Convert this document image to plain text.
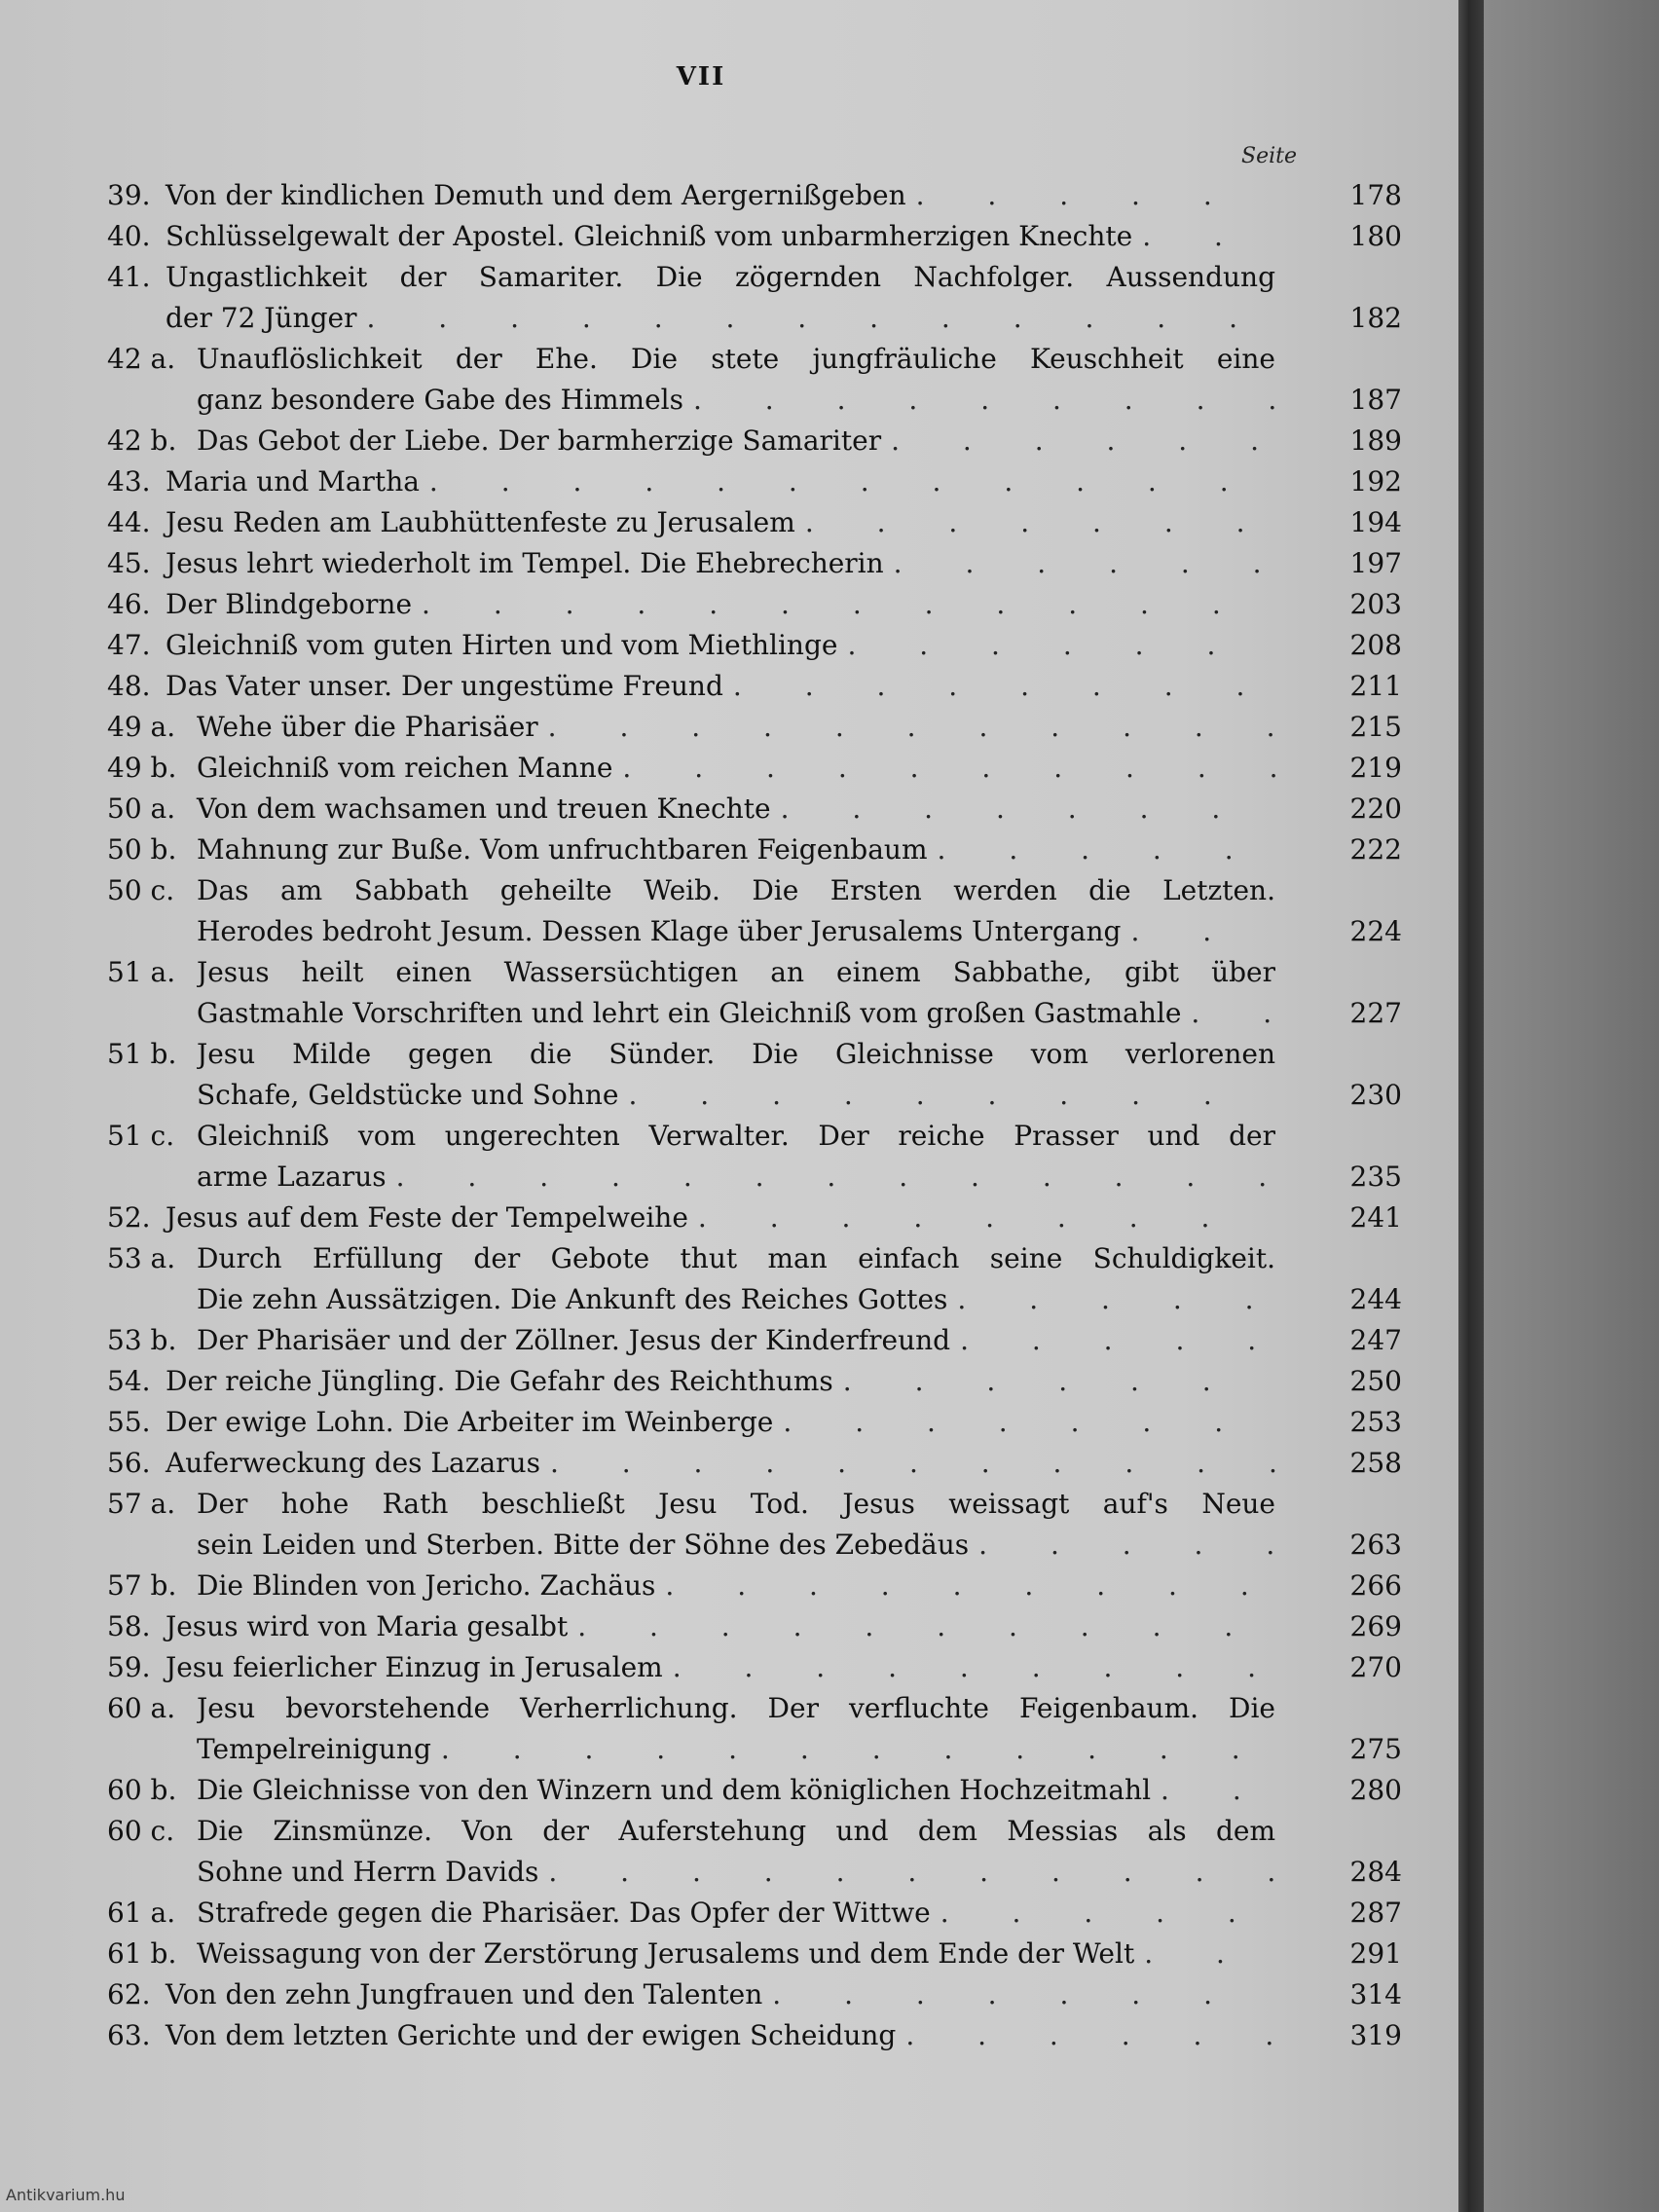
VII
Seite
39. Von der kindlichen Demuth und dem Aergernißgeben . . .	178
40. Schlüsselgewalt der Apostel. Gleichniß vom unbarmherzigen Knechte . . .	180
41. Ungastlichkeit der Samariter. Die zögernden Nachfolger. Aussendung
der 72 Jünger . . .	182
42 a. Unauflöslichkeit der Ehe. Die stete jungfräuliche Keuschheit eine
ganz besondere Gabe des Himmels . . .	187
42 b. Das Gebot der Liebe. Der barmherzige Samariter . . .	189
43. Maria und Martha . . .	192
44. Jesu Reden am Laubhüttenfeste zu Jerusalem . . .	194
45. Jesus lehrt wiederholt im Tempel. Die Ehebrecherin . . .	197
46. Der Blindgeborne . . .	203
47. Gleichniß vom guten Hirten und vom Miethlinge . . .	208
48. Das Vater unser. Der ungestüme Freund . . .	211
49 a. Wehe über die Pharisäer . . .	215
49 b. Gleichniß vom reichen Manne . . .	219
50 a. Von dem wachsamen und treuen Knechte . . .	220
50 b. Mahnung zur Buße. Vom unfruchtbaren Feigenbaum . . .	222
50 c. Das am Sabbath geheilte Weib. Die Ersten werden die Letzten.
Herodes bedroht Jesum. Dessen Klage über Jerusalems Untergang . . .	224
51 a. Jesus heilt einen Wassersüchtigen an einem Sabbathe, gibt über
Gastmahle Vorschriften und lehrt ein Gleichniß vom großen Gastmahle . . .	227
51 b. Jesu Milde gegen die Sünder. Die Gleichnisse vom verlorenen
Schafe, Geldstücke und Sohne . . .	230
51 c. Gleichniß vom ungerechten Verwalter. Der reiche Prasser und der
arme Lazarus . . .	235
52. Jesus auf dem Feste der Tempelweihe . . .	241
53 a. Durch Erfüllung der Gebote thut man einfach seine Schuldigkeit.
Die zehn Aussätzigen. Die Ankunft des Reiches Gottes . . .	244
53 b. Der Pharisäer und der Zöllner. Jesus der Kinderfreund . . .	247
54. Der reiche Jüngling. Die Gefahr des Reichthums . . .	250
55. Der ewige Lohn. Die Arbeiter im Weinberge . . .	253
56. Auferweckung des Lazarus . . .	258
57 a. Der hohe Rath beschließt Jesu Tod. Jesus weissagt auf's Neue
sein Leiden und Sterben. Bitte der Söhne des Zebedäus . . .	263
57 b. Die Blinden von Jericho. Zachäus . . .	266
58. Jesus wird von Maria gesalbt . . .	269
59. Jesu feierlicher Einzug in Jerusalem . . .	270
60 a. Jesu bevorstehende Verherrlichung. Der verfluchte Feigenbaum. Die
Tempelreinigung . . .	275
60 b. Die Gleichnisse von den Winzern und dem königlichen Hochzeitmahl . . .	280
60 c. Die Zinsmünze. Von der Auferstehung und dem Messias als dem
Sohne und Herrn Davids . . .	284
61 a. Strafrede gegen die Pharisäer. Das Opfer der Wittwe . . .	287
61 b. Weissagung von der Zerstörung Jerusalems und dem Ende der Welt . . .	291
62. Von den zehn Jungfrauen und den Talenten . . .	314
63. Von dem letzten Gerichte und der ewigen Scheidung . . .	319
Antikvarium.hu
